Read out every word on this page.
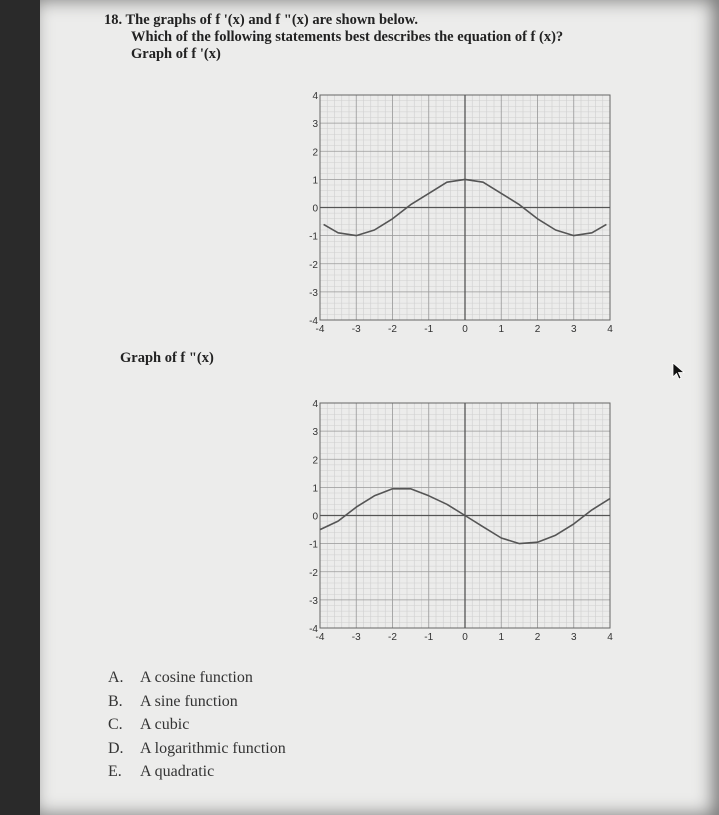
18. The graphs of f '(x) and f "(x) are shown below.
Which of the following statements best describes the equation of f (x)?
Graph of f '(x)
4
3
2
1
0
-1
-2
-3
-4
-4	-3	-2	-1	0	1	2	3	4
Graph of f "(x)
4
3
2
1
0
-1
-2
-3
-4
-4	-3	-2	-1	0	1	2	3	4
A. A cosine function
B. A sine function
C. A cubic
D. A logarithmic function
E. A quadratic
